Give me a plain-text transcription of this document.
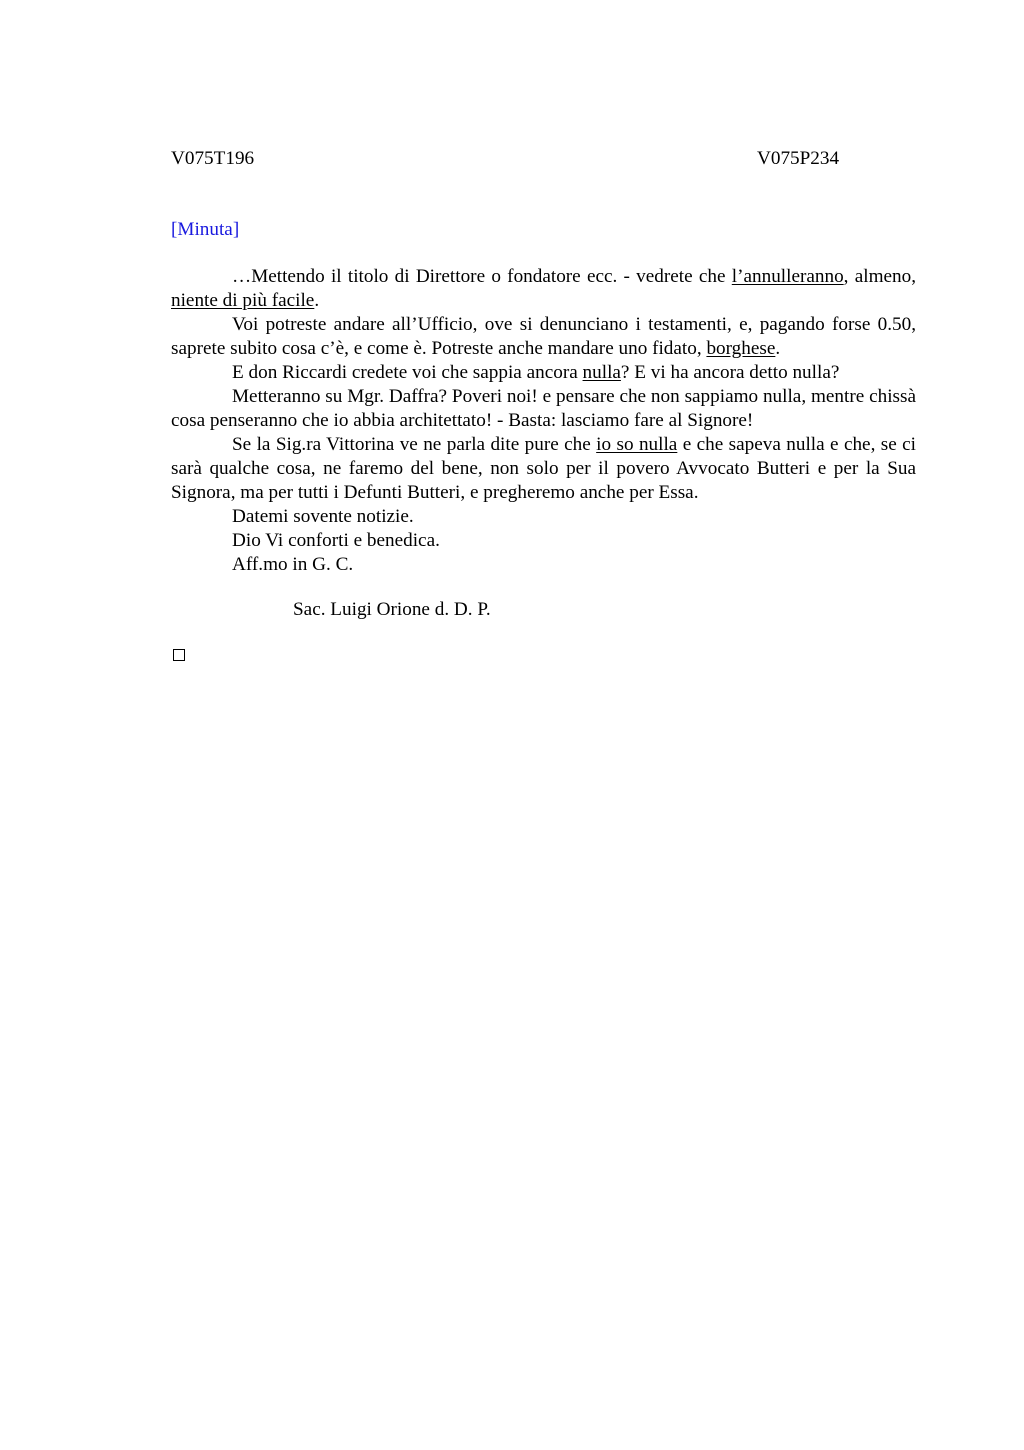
V075T196	V075P234
[Minuta]

…Mettendo il titolo di Direttore o fondatore ecc. - vedrete che l’annulleranno, almeno, niente di più facile.

Voi potreste andare all’Ufficio, ove si denunciano i testamenti, e, pagando forse 0.50, saprete subito cosa c’è, e come è. Potreste anche mandare uno fidato, borghese.

E don Riccardi credete voi che sappia ancora nulla? E vi ha ancora detto nulla?

Metteranno su Mgr. Daffra? Poveri noi! e pensare che non sappiamo nulla, mentre chissà cosa penseranno che io abbia architettato! - Basta: lasciamo fare al Signore!

Se la Sig.ra Vittorina ve ne parla dite pure che io so nulla e che sapeva nulla e che, se ci sarà qualche cosa, ne faremo del bene, non solo per il povero Avvocato Butteri e per la Sua Signora, ma per tutti i Defunti Butteri, e pregheremo anche per Essa.

Datemi sovente notizie.

Dio Vi conforti e benedica.

Aff.mo in G. C.

Sac. Luigi Orione d. D. P.
